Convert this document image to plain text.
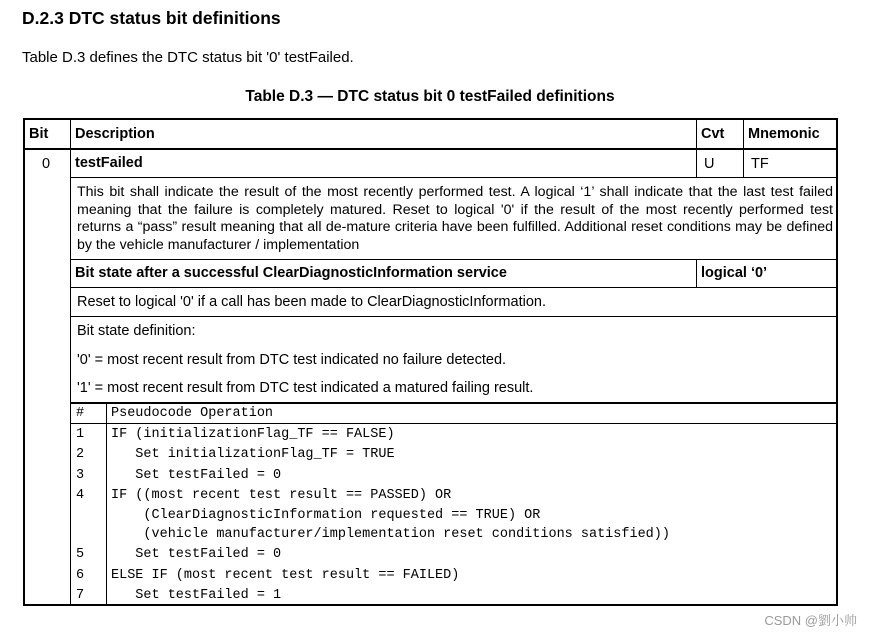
D.2.3 DTC status bit definitions

Table D.3 defines the DTC status bit '0' testFailed.

Table D.3 — DTC status bit 0 testFailed definitions

Bit Description	Cvt Mnemonic
0 testFailed	U	TF

This bit shall indicate the result of the most recently performed test. A logical ‘1’ shall indicate that the last test failed meaning that the failure is completely matured. Reset to logical '0' if the result of the most recently performed test returns a “pass” result meaning that all de-mature criteria have been fulfilled. Additional reset conditions may be defined by the vehicle manufacturer / implementation

Bit state after a successful ClearDiagnosticInformation service	logical ‘0’
Reset to logical '0' if a call has been made to ClearDiagnosticInformation.
Bit state definition:
'0' = most recent result from DTC test indicated no failure detected.
'1' = most recent result from DTC test indicated a matured failing result.
# Pseudocode Operation
1 IF (initializationFlag_TF == FALSE)
2 Set initializationFlag_TF = TRUE
3 Set testFailed = 0
4 IF ((most recent test result == PASSED) OR
(ClearDiagnosticInformation requested == TRUE) OR
(vehicle manufacturer/implementation reset conditions satisfied))
5 Set testFailed = 0
6 ELSE IF (most recent test result == FAILED)
7 Set testFailed = 1
CSDN @劉小帅
